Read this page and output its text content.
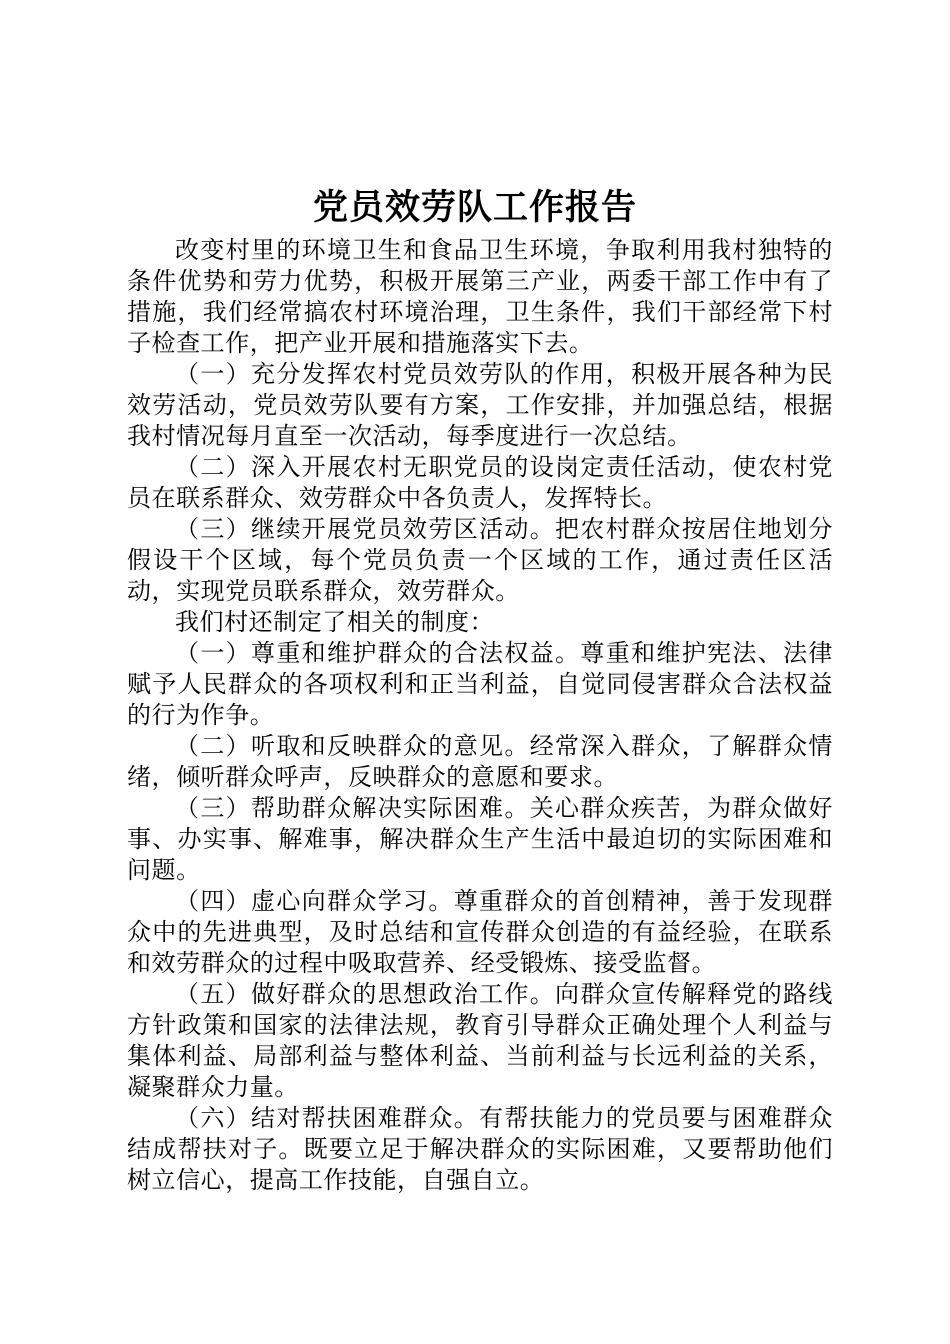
党员效劳队工作报告

改变村里的环境卫生和食品卫生环境，争取利用我村独特的条件优势和劳力优势，积极开展第三产业，两委干部工作中有了措施，我们经常搞农村环境治理，卫生条件，我们干部经常下村子检查工作，把产业开展和措施落实下去。

（一）充分发挥农村党员效劳队的作用，积极开展各种为民效劳活动，党员效劳队要有方案，工作安排，并加强总结，根据我村情况每月直至一次活动，每季度进行一次总结。

（二）深入开展农村无职党员的设岗定责任活动，使农村党员在联系群众、效劳群众中各负责人，发挥特长。

（三）继续开展党员效劳区活动。把农村群众按居住地划分假设干个区域，每个党员负责一个区域的工作，通过责任区活动，实现党员联系群众，效劳群众。

我们村还制定了相关的制度：

（一）尊重和维护群众的合法权益。尊重和维护宪法、法律赋予人民群众的各项权利和正当利益，自觉同侵害群众合法权益的行为作争。

（二）听取和反映群众的意见。经常深入群众，了解群众情绪，倾听群众呼声，反映群众的意愿和要求。

（三）帮助群众解决实际困难。关心群众疾苦，为群众做好事、办实事、解难事，解决群众生产生活中最迫切的实际困难和问题。

（四）虚心向群众学习。尊重群众的首创精神，善于发现群众中的先进典型，及时总结和宣传群众创造的有益经验，在联系和效劳群众的过程中吸取营养、经受锻炼、接受监督。

（五）做好群众的思想政治工作。向群众宣传解释党的路线方针政策和国家的法律法规，教育引导群众正确处理个人利益与集体利益、局部利益与整体利益、当前利益与长远利益的关系，凝聚群众力量。

（六）结对帮扶困难群众。有帮扶能力的党员要与困难群众结成帮扶对子。既要立足于解决群众的实际困难，又要帮助他们树立信心，提高工作技能，自强自立。
